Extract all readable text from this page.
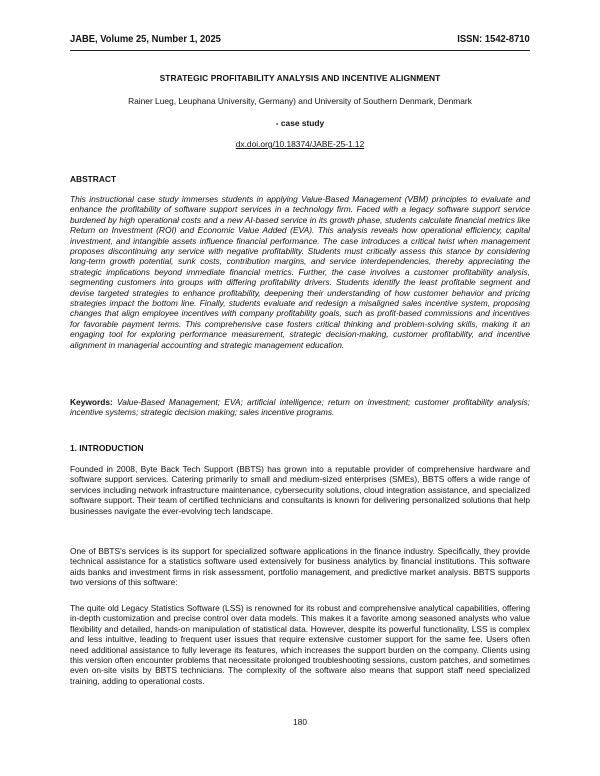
JABE, Volume 25, Number 1, 2025	ISSN: 1542-8710
STRATEGIC PROFITABILITY ANALYSIS AND INCENTIVE ALIGNMENT
Rainer Lueg, Leuphana University, Germany) and University of Southern Denmark, Denmark
- case study
dx.doi.org/10.18374/JABE-25-1.12
ABSTRACT
This instructional case study immerses students in applying Value-Based Management (VBM) principles to evaluate and enhance the profitability of software support services in a technology firm. Faced with a legacy software support service burdened by high operational costs and a new AI-based service in its growth phase, students calculate financial metrics like Return on Investment (ROI) and Economic Value Added (EVA). This analysis reveals how operational efficiency, capital investment, and intangible assets influence financial performance. The case introduces a critical twist when management proposes discontinuing any service with negative profitability. Students must critically assess this stance by considering long-term growth potential, sunk costs, contribution margins, and service interdependencies, thereby appreciating the strategic implications beyond immediate financial metrics. Further, the case involves a customer profitability analysis, segmenting customers into groups with differing profitability drivers. Students identify the least profitable segment and devise targeted strategies to enhance profitability, deepening their understanding of how customer behavior and pricing strategies impact the bottom line. Finally, students evaluate and redesign a misaligned sales incentive system, proposing changes that align employee incentives with company profitability goals, such as profit-based commissions and incentives for favorable payment terms. This comprehensive case fosters critical thinking and problem-solving skills, making it an engaging tool for exploring performance measurement, strategic decision-making, customer profitability, and incentive alignment in managerial accounting and strategic management education.
Keywords: Value-Based Management; EVA; artificial intelligence; return on investment; customer profitability analysis; incentive systems; strategic decision making; sales incentive programs.
1. INTRODUCTION
Founded in 2008, Byte Back Tech Support (BBTS) has grown into a reputable provider of comprehensive hardware and software support services. Catering primarily to small and medium-sized enterprises (SMEs), BBTS offers a wide range of services including network infrastructure maintenance, cybersecurity solutions, cloud integration assistance, and specialized software support. Their team of certified technicians and consultants is known for delivering personalized solutions that help businesses navigate the ever-evolving tech landscape.
One of BBTS's services is its support for specialized software applications in the finance industry. Specifically, they provide technical assistance for a statistics software used extensively for business analytics by financial institutions. This software aids banks and investment firms in risk assessment, portfolio management, and predictive market analysis. BBTS supports two versions of this software:
The quite old Legacy Statistics Software (LSS) is renowned for its robust and comprehensive analytical capabilities, offering in-depth customization and precise control over data models. This makes it a favorite among seasoned analysts who value flexibility and detailed, hands-on manipulation of statistical data. However, despite its powerful functionality, LSS is complex and less intuitive, leading to frequent user issues that require extensive customer support for the same fee. Users often need additional assistance to fully leverage its features, which increases the support burden on the company. Clients using this version often encounter problems that necessitate prolonged troubleshooting sessions, custom patches, and sometimes even on-site visits by BBTS technicians. The complexity of the software also means that support staff need specialized training, adding to operational costs.
180
